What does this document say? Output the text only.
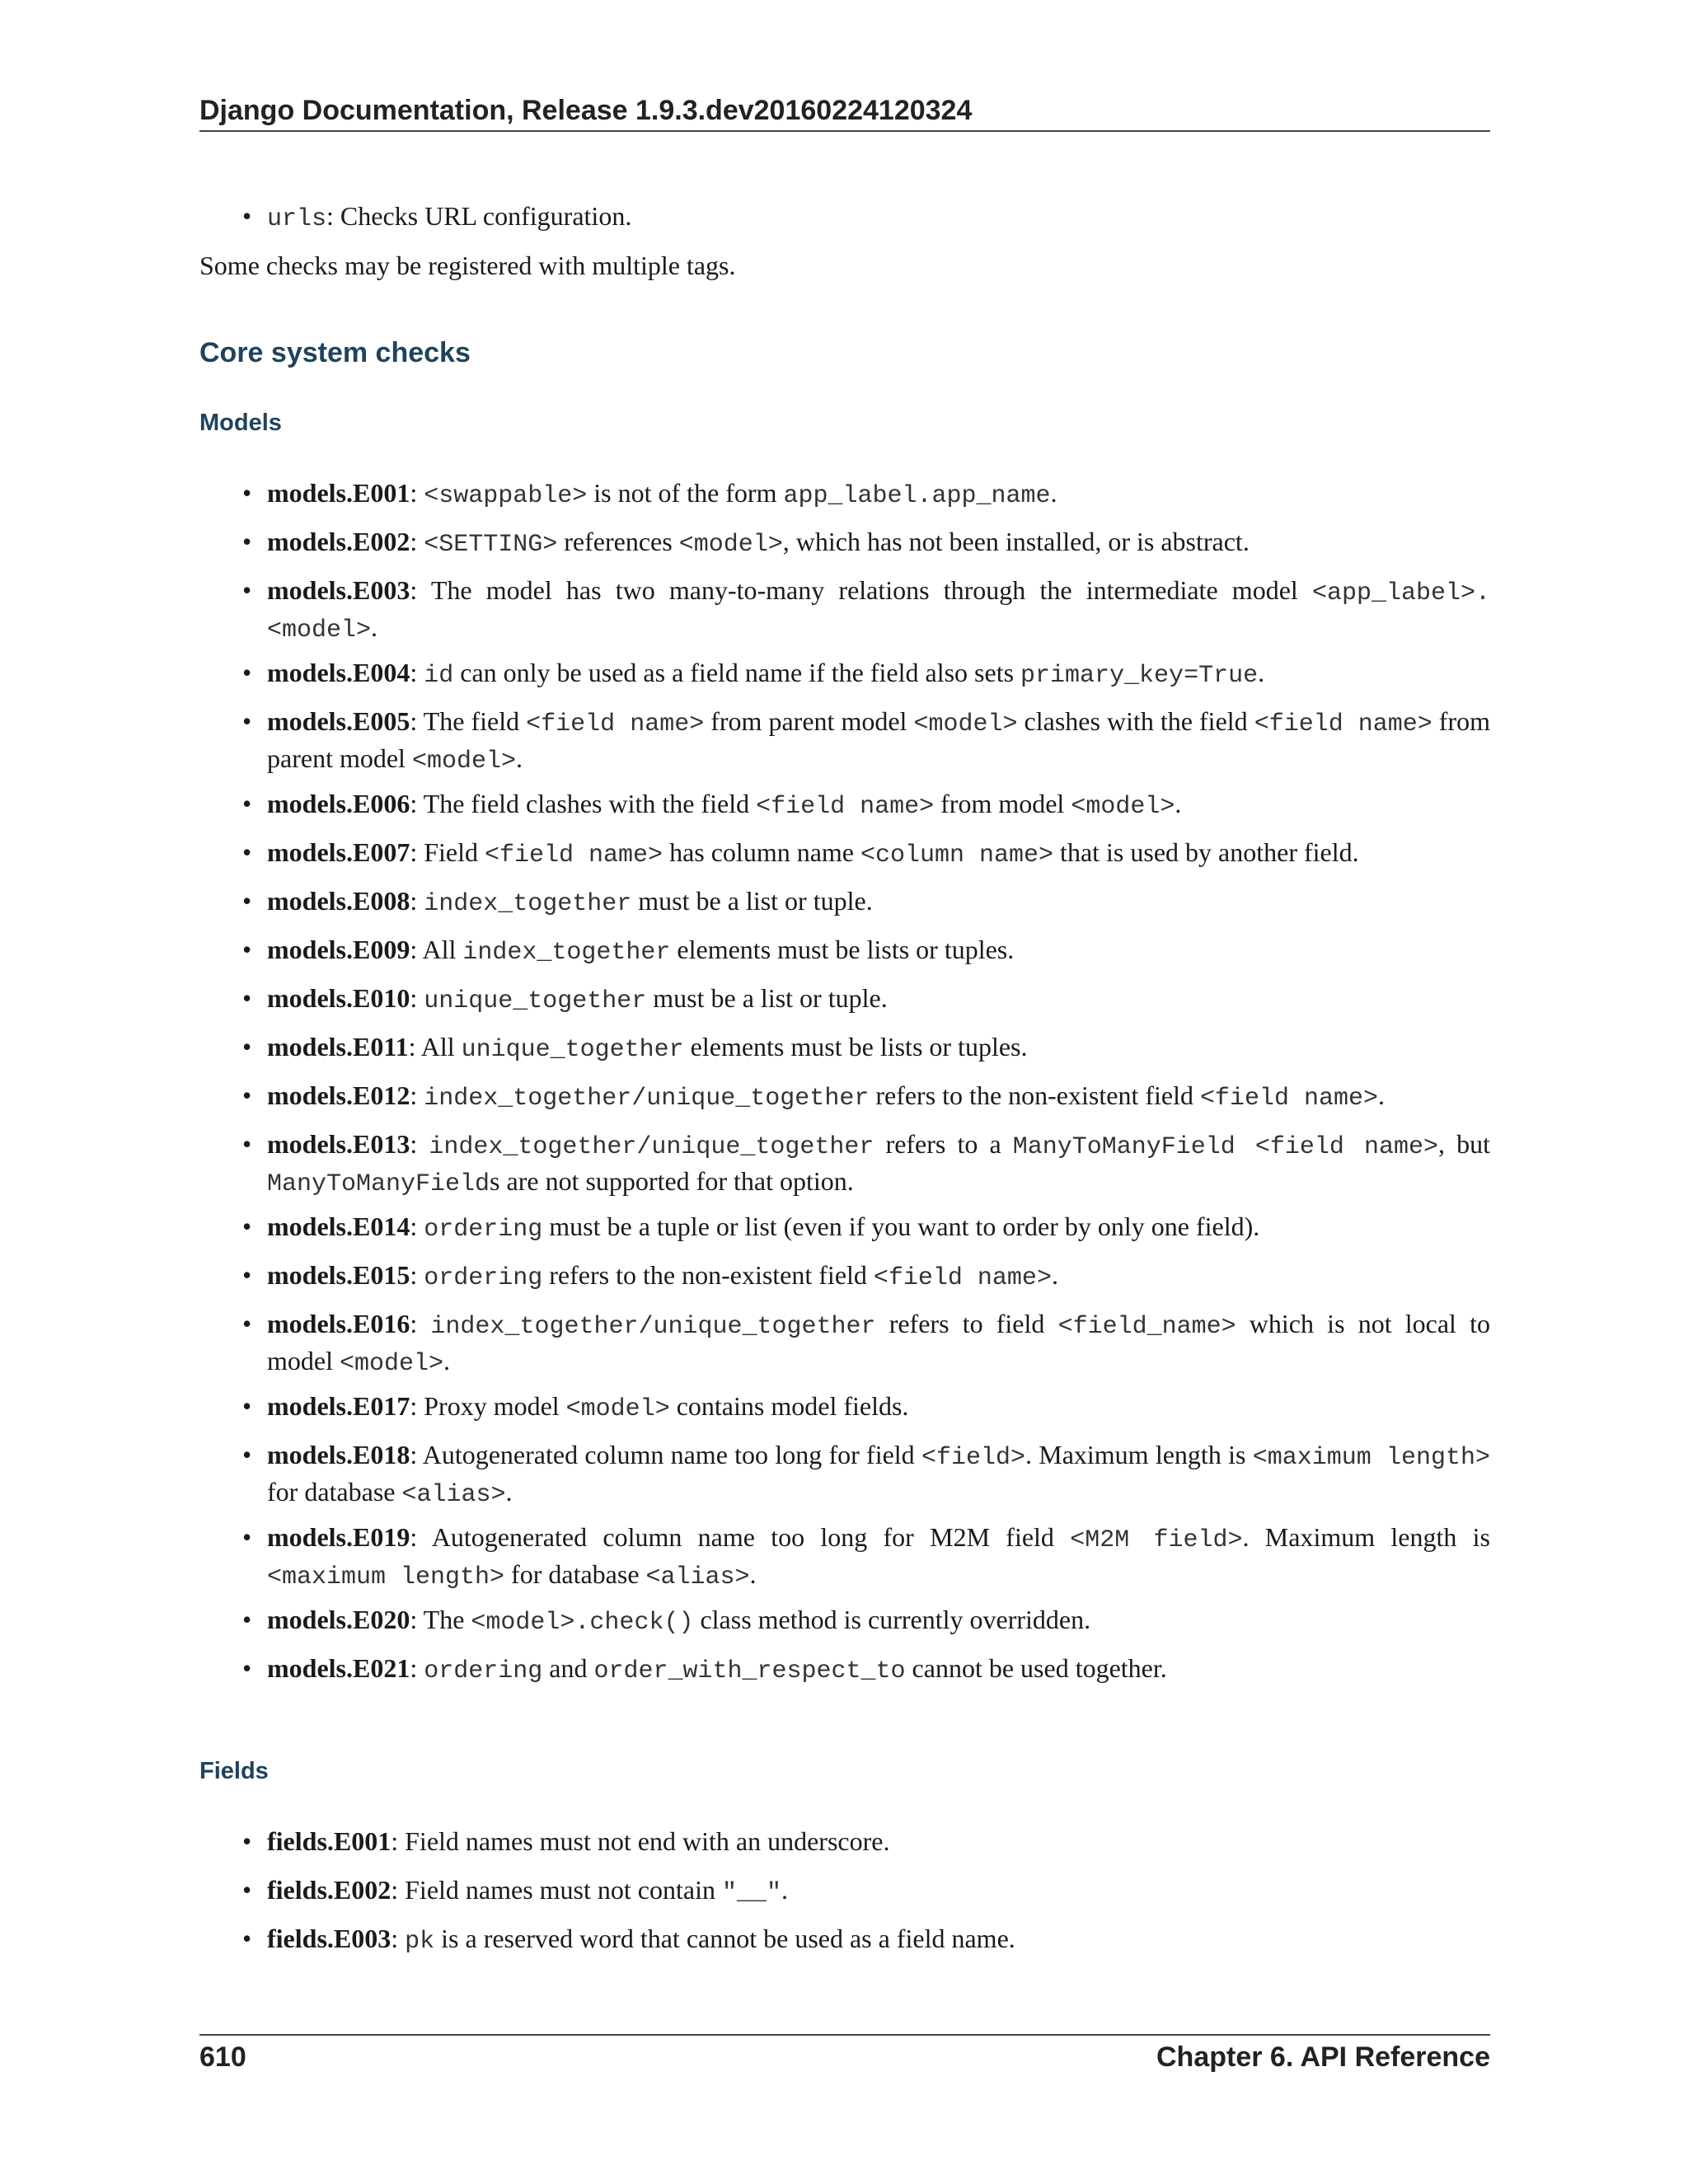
Django Documentation, Release 1.9.3.dev20160224120324
• urls: Checks URL configuration.
Some checks may be registered with multiple tags.
Core system checks
Models
• models.E001: <swappable> is not of the form app_label.app_name.
• models.E002: <SETTING> references <model>, which has not been installed, or is abstract.
• models.E003: The model has two many-to-many relations through the intermediate model <app_label>.<model>.
• models.E004: id can only be used as a field name if the field also sets primary_key=True.
• models.E005: The field <field name> from parent model <model> clashes with the field <field name> from parent model <model>.
• models.E006: The field clashes with the field <field name> from model <model>.
• models.E007: Field <field name> has column name <column name> that is used by another field.
• models.E008: index_together must be a list or tuple.
• models.E009: All index_together elements must be lists or tuples.
• models.E010: unique_together must be a list or tuple.
• models.E011: All unique_together elements must be lists or tuples.
• models.E012: index_together/unique_together refers to the non-existent field <field name>.
• models.E013: index_together/unique_together refers to a ManyToManyField <field name>, but ManyToManyFields are not supported for that option.
• models.E014: ordering must be a tuple or list (even if you want to order by only one field).
• models.E015: ordering refers to the non-existent field <field name>.
• models.E016: index_together/unique_together refers to field <field_name> which is not local to model <model>.
• models.E017: Proxy model <model> contains model fields.
• models.E018: Autogenerated column name too long for field <field>. Maximum length is <maximum length> for database <alias>.
• models.E019: Autogenerated column name too long for M2M field <M2M field>. Maximum length is <maximum length> for database <alias>.
• models.E020: The <model>.check() class method is currently overridden.
• models.E021: ordering and order_with_respect_to cannot be used together.
Fields
• fields.E001: Field names must not end with an underscore.
• fields.E002: Field names must not contain "__".
• fields.E003: pk is a reserved word that cannot be used as a field name.
610	Chapter 6. API Reference
